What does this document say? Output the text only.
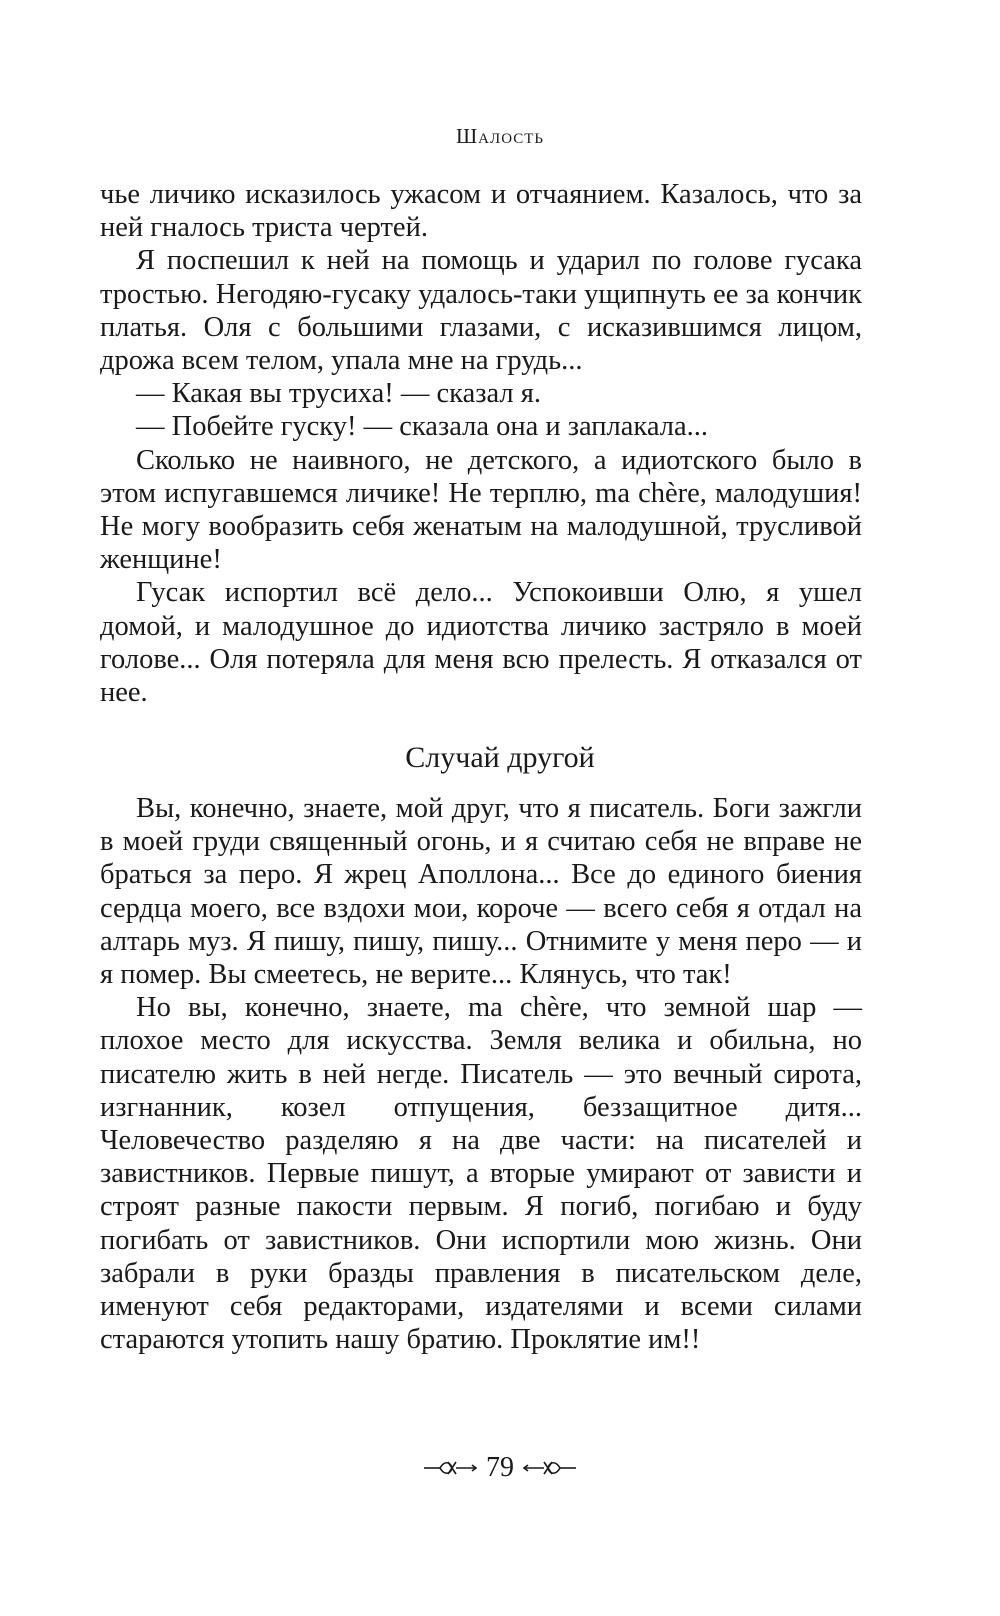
Шалость

чье личико исказилось ужасом и отчаянием. Казалось, что за ней гналось триста чертей.

Я поспешил к ней на помощь и ударил по голове гусака тростью. Негодяю-гусаку удалось-таки ущипнуть ее за кончик платья. Оля с большими глазами, с исказившимся лицом, дрожа всем телом, упала мне на грудь...

— Какая вы трусиха! — сказал я.

— Побейте гуску! — сказала она и заплакала...

Сколько не наивного, не детского, а идиотского было в этом испугавшемся личике! Не терплю, ma chère, малодушия! Не могу вообразить себя женатым на малодушной, трусливой женщине!

Гусак испортил всё дело... Успокоивши Олю, я ушел домой, и малодушное до идиотства личико застряло в моей голове... Оля потеряла для меня всю прелесть. Я отказался от нее.

Случай другой

Вы, конечно, знаете, мой друг, что я писатель. Боги зажгли в моей груди священный огонь, и я считаю себя не вправе не браться за перо. Я жрец Аполлона... Все до единого биения сердца моего, все вздохи мои, короче — всего себя я отдал на алтарь муз. Я пишу, пишу, пишу... Отнимите у меня перо — и я помер. Вы смеетесь, не верите... Клянусь, что так!

Но вы, конечно, знаете, ma chère, что земной шар — плохое место для искусства. Земля велика и обильна, но писателю жить в ней негде. Писатель — это вечный сирота, изгнанник, козел отпущения, беззащитное дитя... Человечество разделяю я на две части: на писателей и завистников. Первые пишут, а вторые умирают от зависти и строят разные пакости первым. Я погиб, погибаю и буду погибать от завистников. Они испортили мою жизнь. Они забрали в руки бразды правления в писательском деле, именуют себя редакторами, издателями и всеми силами стараются утопить нашу братию. Проклятие им!!

79
